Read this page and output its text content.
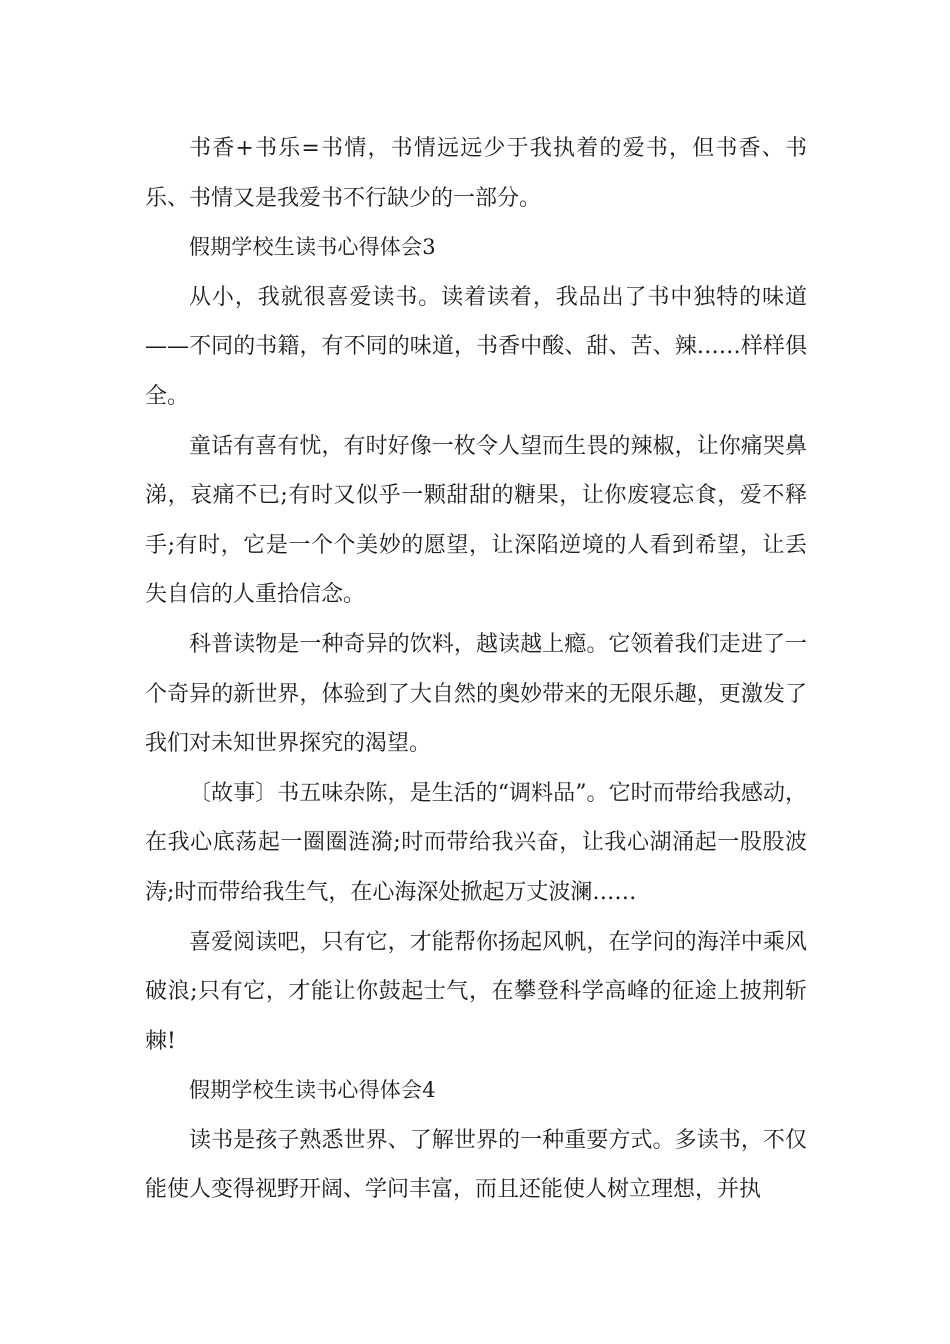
书香+书乐=书情，书情远远少于我执着的爱书，但书香、书乐、书情又是我爱书不行缺少的一部分。

假期学校生读书心得体会3

从小，我就很喜爱读书。读着读着，我品出了书中独特的味道——不同的书籍，有不同的味道，书香中酸、甜、苦、辣……样样俱全。

童话有喜有忧，有时好像一枚令人望而生畏的辣椒，让你痛哭鼻涕，哀痛不已;有时又似乎一颗甜甜的糖果，让你废寝忘食，爱不释手;有时，它是一个个美妙的愿望，让深陷逆境的人看到希望，让丢失自信的人重拾信念。

科普读物是一种奇异的饮料，越读越上瘾。它领着我们走进了一个奇异的新世界，体验到了大自然的奥妙带来的无限乐趣，更激发了我们对未知世界探究的渴望。

〔故事〕书五味杂陈，是生活的“调料品”。它时而带给我感动，在我心底荡起一圈圈涟漪;时而带给我兴奋，让我心湖涌起一股股波涛;时而带给我生气，在心海深处掀起万丈波澜……

喜爱阅读吧，只有它，才能帮你扬起风帆，在学问的海洋中乘风破浪;只有它，才能让你鼓起士气，在攀登科学高峰的征途上披荆斩棘!

假期学校生读书心得体会4

读书是孩子熟悉世界、了解世界的一种重要方式。多读书，不仅能使人变得视野开阔、学问丰富，而且还能使人树立理想，并执
